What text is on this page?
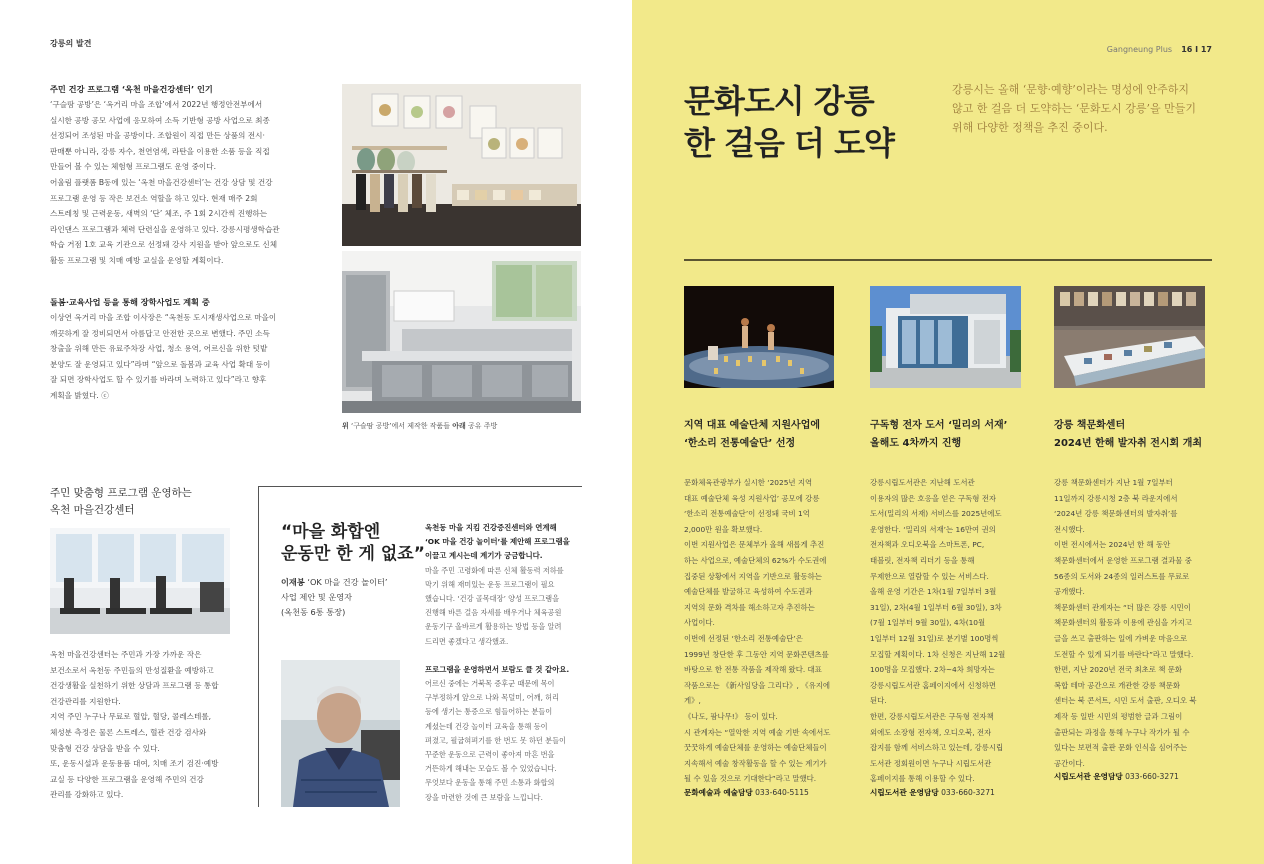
강릉의 발견
주민 건강 프로그램 ‘옥천 마을건강센터’ 인기

‘구슬땀 공방’은 ‘옥거리 마을 조합’에서 2022년 행정안전부에서
실시한 공방 공모 사업에 응모하여 소득 기반형 공방 사업으로 최종
선정되어 조성된 마을 공방이다. 조합원이 직접 만든 상품의 전시·
판매뿐 아니라, 강릉 자수, 천연염색, 라탄을 이용한 소품 등을 직접
만들어 볼 수 있는 체험형 프로그램도 운영 중이다.
어울림 플랫폼 B동에 있는 ‘옥천 마을건강센터’는 건강 상담 및 건강
프로그램 운영 등 작은 보건소 역할을 하고 있다. 현재 매주 2회
스트레칭 및 근력운동, 새벽의 ‘단’ 체조, 주 1회 2시간씩 진행하는
라인댄스 프로그램과 체력 단련실을 운영하고 있다. 강릉시평생학습관
학습 거점 1호 교육 기관으로 선정돼 강사 지원을 받아 앞으로도 신체
활동 프로그램 및 치매 예방 교실을 운영할 계획이다.

돌봄·교육사업 등을 통해 장학사업도 계획 중

이상연 옥거리 마을 조합 이사장은 “옥천동 도시재생사업으로 마을이
깨끗하게 잘 정비되면서 아름답고 안전한 곳으로 변했다. 주민 소득
창출을 위해 만든 유료주차장 사업, 청소 용역, 어르신을 위한 텃밭
분양도 잘 운영되고 있다”라며 “앞으로 돌봄과 교육 사업 확대 등이
잘 되면 장학사업도 할 수 있기를 바라며 노력하고 있다”라고 향후
계획을 밝혔다. ⓒ

위 ‘구슬땀 공방’에서 제작한 작품들 아래 공유 주방
주민 맞춤형 프로그램 운영하는
옥천 마을건강센터

옥천 마을건강센터는 주민과 가장 가까운 작은
보건소로서 옥천동 주민들의 만성질환을 예방하고
건강생활을 실천하기 위한 상담과 프로그램 등 통합
건강관리를 지원한다.
지역 주민 누구나 무료로 혈압, 혈당, 콜레스테롤,
체성분 측정은 물론 스트레스, 혈관 건강 검사와
맞춤형 건강 상담을 받을 수 있다.
또, 운동시설과 운동용품 대여, 치매 조기 검진·예방
교실 등 다양한 프로그램을 운영해 주민의 건강
관리를 강화하고 있다.

“마을 화합엔
운동만 한 게 없죠”
이재봉 ‘OK 마을 건강 놀이터’
사업 제안 및 운영자
(옥천동 6통 통장)
옥천동 마을 지킴 건강증진센터와 연계해
‘OK 마을 건강 놀이터’를 제안해 프로그램을
이끌고 계시는데 계기가 궁금합니다.
마을 주민 고령화에 따른 신체 활동력 저하를
막기 위해 재미있는 운동 프로그램이 필요
했습니다. ‘건강 골목대장’ 양성 프로그램을
진행해 바른 걸음 자세를 배우거나 체육공원
운동기구 올바르게 활용하는 방법 등을 알려
드리면 좋겠다고 생각했죠.
프로그램을 운영하면서 보람도 클 것 같아요.
어르신 중에는 거북목 증후군 때문에 목이
구부정하게 앞으로 나와 목덜미, 어깨, 허리
등에 생기는 통증으로 힘들어하는 분들이
계셨는데 건강 놀이터 교육을 통해 등이
펴졌고, 필굽혀펴기를 한 번도 못 하던 분들이
꾸준한 운동으로 근력이 좋아져 마흔 번을
거뜬하게 해내는 모습도 볼 수 있었습니다.
무엇보다 운동을 통해 주민 소통과 화합의
장을 마련한 것에 큰 보람을 느낍니다.
Gangneung Plus 16 I 17
문화도시 강릉
한 걸음 더 도약
강릉시는 올해 ‘문향·예향’이라는 명성에 안주하지
않고 한 걸음 더 도약하는 ‘문화도시 강릉’을 만들기
위해 다양한 정책을 추진 중이다.
지역 대표 예술단체 지원사업에
‘한소리 전통예술단’ 선정

문화체육관광부가 실시한 ‘2025년 지역
대표 예술단체 육성 지원사업’ 공모에 강릉
‘한소리 전통예술단’이 선정돼 국비 1억
2,000만 원을 확보했다.
이번 지원사업은 문체부가 올해 새롭게 추진
하는 사업으로, 예술단체의 62%가 수도권에
집중된 상황에서 지역을 기반으로 활동하는
예술단체를 발굴하고 육성하여 수도권과
지역의 문화 격차를 해소하고자 추진하는
사업이다.
이번에 선정된 ‘한소리 전통예술단’은
1999년 창단한 후 그동안 지역 문화콘텐츠를
바탕으로 한 전통 작품을 제작해 왔다. 대표
작품으로는 《新사임당을 그리다》, 《유지에게》,
《나도, 팜나무!》 등이 있다.
시 관계자는 “열악한 지역 예술 기반 속에서도
꿋꿋하게 예술단체를 운영하는 예술단체들이
지속해서 예술 창작활동을 할 수 있는 계기가
될 수 있을 것으로 기대한다”라고 말했다.

문화예술과 예술담당 033-640-5115
구독형 전자 도서 ‘밀리의 서재’
올해도 4차까지 진행

강릉시립도서관은 지난해 도서관
이용자의 많은 호응을 얻은 구독형 전자
도서(밀리의 서재) 서비스를 2025년에도
운영한다. ‘밀리의 서재’는 16만여 권의
전자책과 오디오북을 스마트폰, PC,
태블릿, 전자책 리더기 등을 통해
무제한으로 열람할 수 있는 서비스다.
올해 운영 기간은 1차(1월 7일부터 3월
31일), 2차(4월 1일부터 6월 30일), 3차
(7월 1일부터 9월 30일), 4차(10월
1일부터 12월 31일)로 분기별 100명씩
모집할 계획이다. 1차 신청은 지난해 12월
100명을 모집했다. 2차~4차 희망자는
강릉시립도서관 홈페이지에서 신청하면
된다.
한편, 강릉시립도서관은 구독형 전자책
외에도 소장형 전자책, 오디오북, 전자
잡지를 함께 서비스하고 있는데, 강릉시립
도서관 정회원이면 누구나 시립도서관
홈페이지를 통해 이용할 수 있다.

시립도서관 운영담당 033-660-3271
강릉 책문화센터
2024년 한해 발자취 전시회 개최

강릉 책문화센터가 지난 1월 7일부터
11일까지 강릉시청 2층 북 라운지에서
‘2024년 강릉 책문화센터의 발자취’를
전시했다.
이번 전시에서는 2024년 한 해 동안
책문화센터에서 운영한 프로그램 결과물 중
56종의 도서와 24종의 일러스트를 무료로
공개했다.
책문화센터 관계자는 “더 많은 강릉 시민이
책문화센터의 활동과 이용에 관심을 가지고
글을 쓰고 출판하는 일에 가벼운 마음으로
도전할 수 있게 되기를 바란다”라고 말했다.
한편, 지난 2020년 전국 최초로 책 문화
복합 테마 공간으로 개관한 강릉 책문화
센터는 북 콘서트, 시민 도서 출판, 오디오 북
제작 등 일반 시민의 평범한 글과 그림이
출판되는 과정을 통해 누구나 작가가 될 수
있다는 보편적 출판 문화 인식을 심어주는
공간이다.

시립도서관 운영담당 033-660-3271
